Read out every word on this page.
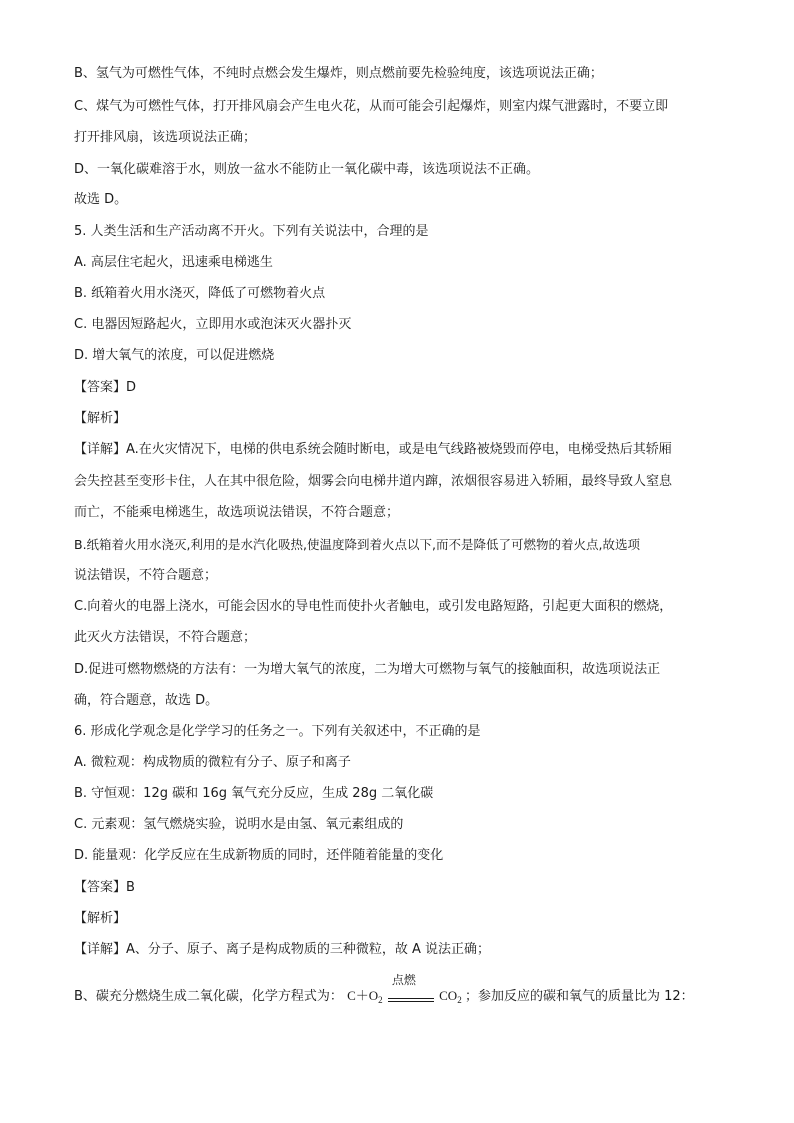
B、氢气为可燃性气体，不纯时点燃会发生爆炸，则点燃前要先检验纯度，该选项说法正确；
C、煤气为可燃性气体，打开排风扇会产生电火花，从而可能会引起爆炸，则室内煤气泄露时，不要立即
打开排风扇，该选项说法正确；
D、一氧化碳难溶于水，则放一盆水不能防止一氧化碳中毒，该选项说法不正确。
故选 D。
5. 人类生活和生产活动离不开火。下列有关说法中，合理的是
A. 高层住宅起火，迅速乘电梯逃生
B. 纸箱着火用水浇灭，降低了可燃物着火点
C. 电器因短路起火，立即用水或泡沫灭火器扑灭
D. 增大氧气的浓度，可以促进燃烧
【答案】D
【解析】
【详解】A.在火灾情况下，电梯的供电系统会随时断电，或是电气线路被烧毁而停电，电梯受热后其轿厢
会失控甚至变形卡住，人在其中很危险，烟雾会向电梯井道内蹿，浓烟很容易进入轿厢，最终导致人窒息
而亡，不能乘电梯逃生，故选项说法错误，不符合题意；
B.纸箱着火用水浇灭,利用的是水汽化吸热,使温度降到着火点以下,而不是降低了可燃物的着火点,故选项
说法错误，不符合题意；
C.向着火的电器上浇水，可能会因水的导电性而使扑火者触电，或引发电路短路，引起更大面积的燃烧，
此灭火方法错误，不符合题意；
D.促进可燃物燃烧的方法有：一为增大氧气的浓度，二为增大可燃物与氧气的接触面积，故选项说法正
确，符合题意，故选 D。
6. 形成化学观念是化学学习的任务之一。下列有关叙述中，不正确的是
A. 微粒观：构成物质的微粒有分子、原子和离子
B. 守恒观：12g 碳和 16g 氧气充分反应，生成 28g 二氧化碳
C. 元素观：氢气燃烧实验，说明水是由氢、氧元素组成的
D. 能量观：化学反应在生成新物质的同时，还伴随着能量的变化
【答案】B
【解析】
【详解】A、分子、原子、离子是构成物质的三种微粒，故 A 说法正确；
B、碳充分燃烧生成二氧化碳，化学方程式为： $C+O_2$
点燃
$CO_2$ ；参加反应的碳和氧气的质量比为 12：
